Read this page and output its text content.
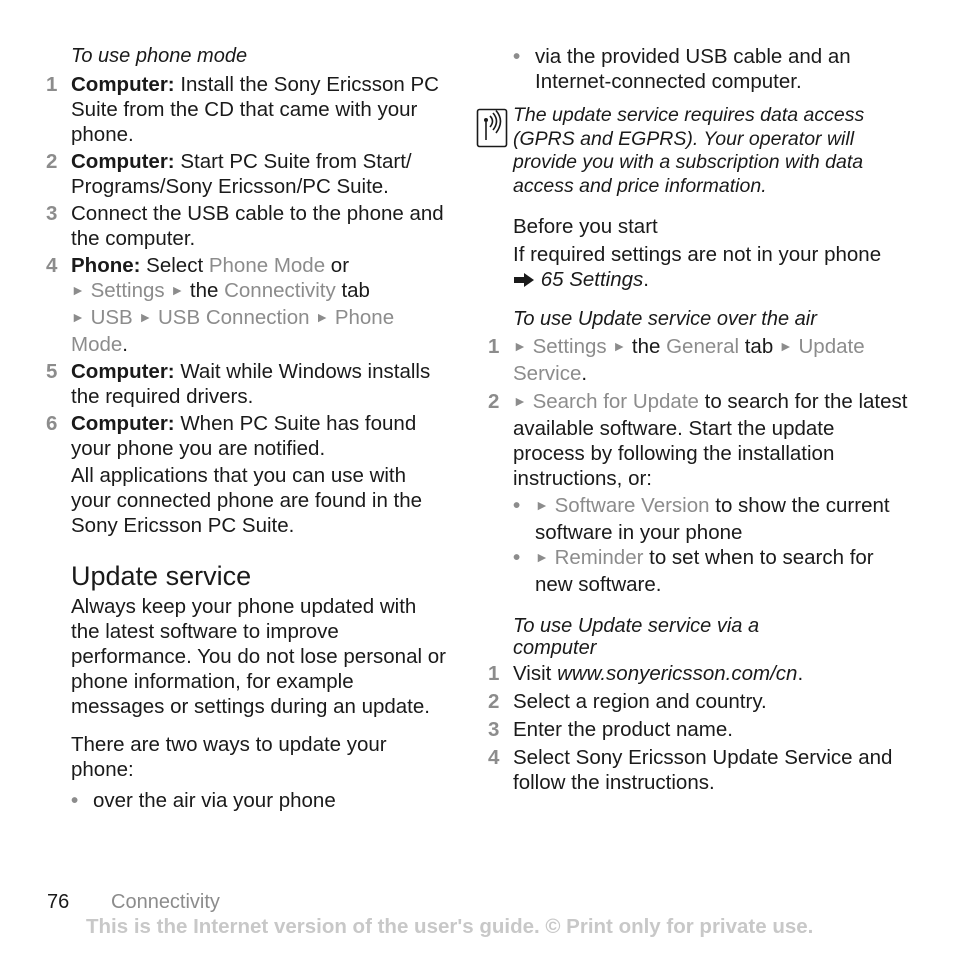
To use phone mode

1 Computer: Install the Sony Ericsson PC Suite from the CD that came with your phone.

2 Computer: Start PC Suite from Start/ Programs/Sony Ericsson/PC Suite.

3 Connect the USB cable to the phone and the computer.

4 Phone: Select Phone Mode or
► Settings ► the Connectivity tab
► USB ► USB Connection ► Phone Mode.

5 Computer: Wait while Windows installs the required drivers.

6 Computer: When PC Suite has found your phone you are notified.

All applications that you can use with your connected phone are found in the Sony Ericsson PC Suite.

Update service

Always keep your phone updated with the latest software to improve performance. You do not lose personal or phone information, for example messages or settings during an update.

There are two ways to update your phone:

• over the air via your phone

• via the provided USB cable and an Internet-connected computer.

The update service requires data access (GPRS and EGPRS). Your operator will provide you with a subscription with data access and price information.

Before you start

If required settings are not in your phone  65 Settings.

To use Update service over the air

1 ► Settings ► the General tab ► Update Service.

2 ► Search for Update to search for the latest available software. Start the update process by following the installation instructions, or:

• ► Software Version to show the current software in your phone

• ► Reminder to set when to search for new software.

To use Update service via a computer

1 Visit www.sonyericsson.com/cn.

2 Select a region and country.

3 Enter the product name.

4 Select Sony Ericsson Update Service and follow the instructions.

76 Connectivity
This is the Internet version of the user's guide. © Print only for private use.
